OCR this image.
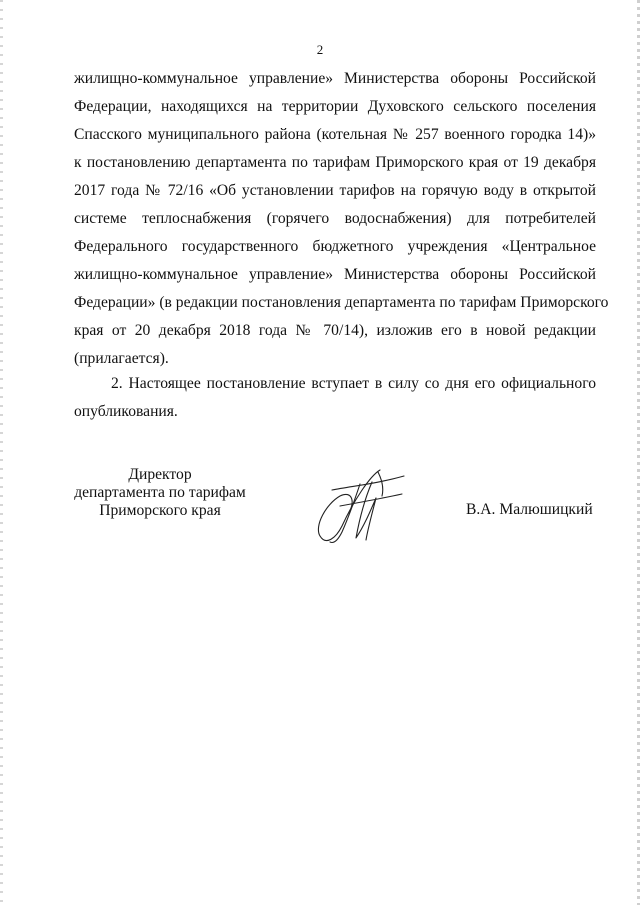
2
жилищно-коммунальное управление» Министерства обороны Российской
Федерации, находящихся на территории Духовского сельского поселения
Спасского муниципального района (котельная № 257 военного городка 14)»
к постановлению департамента по тарифам Приморского края от 19 декабря
2017 года № 72/16 «Об установлении тарифов на горячую воду в открытой
системе теплоснабжения (горячего водоснабжения) для потребителей
Федерального государственного бюджетного учреждения «Центральное
жилищно-коммунальное управление» Министерства обороны Российской
Федерации» (в редакции постановления департамента по тарифам Приморского
края от 20 декабря 2018 года № 70/14), изложив его в новой редакции
(прилагается).
2. Настоящее постановление вступает в силу со дня его официального
опубликования.
Директор
департамента по тарифам
Приморского края	В.А. Малюшицкий
